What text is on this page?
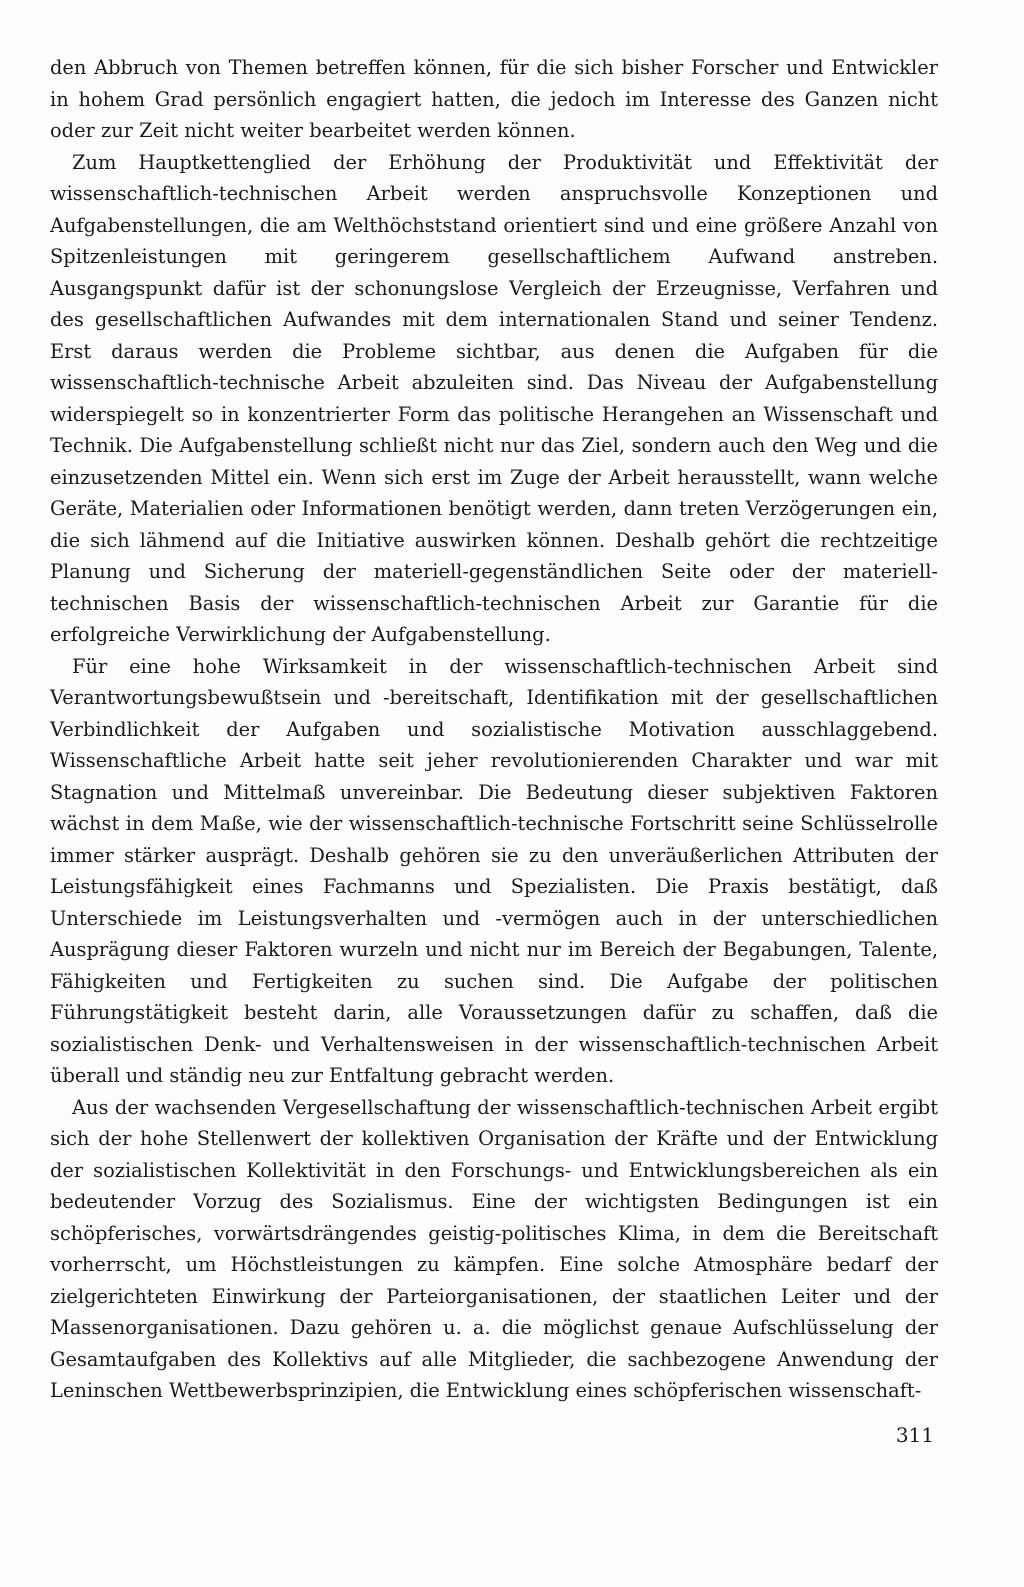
den Abbruch von Themen betreffen können, für die sich bisher Forscher und Entwickler in hohem Grad persönlich engagiert hatten, die jedoch im Interesse des Ganzen nicht oder zur Zeit nicht weiter bearbeitet werden können.

Zum Hauptkettenglied der Erhöhung der Produktivität und Effektivität der wissenschaftlich-technischen Arbeit werden anspruchsvolle Konzeptionen und Aufgabenstellungen, die am Welthöchststand orientiert sind und eine größere Anzahl von Spitzenleistungen mit geringerem gesellschaftlichem Aufwand anstreben. Ausgangspunkt dafür ist der schonungslose Vergleich der Erzeugnisse, Verfahren und des gesellschaftlichen Aufwandes mit dem internationalen Stand und seiner Tendenz. Erst daraus werden die Probleme sichtbar, aus denen die Aufgaben für die wissenschaftlich-technische Arbeit abzuleiten sind. Das Niveau der Aufgabenstellung widerspiegelt so in konzentrierter Form das politische Herangehen an Wissenschaft und Technik. Die Aufgabenstellung schließt nicht nur das Ziel, sondern auch den Weg und die einzusetzenden Mittel ein. Wenn sich erst im Zuge der Arbeit herausstellt, wann welche Geräte, Materialien oder Informationen benötigt werden, dann treten Verzögerungen ein, die sich lähmend auf die Initiative auswirken können. Deshalb gehört die rechtzeitige Planung und Sicherung der materiell-gegenständlichen Seite oder der materiell-technischen Basis der wissenschaftlich-technischen Arbeit zur Garantie für die erfolgreiche Verwirklichung der Aufgabenstellung.

Für eine hohe Wirksamkeit in der wissenschaftlich-technischen Arbeit sind Verantwortungsbewußtsein und -bereitschaft, Identifikation mit der gesellschaftlichen Verbindlichkeit der Aufgaben und sozialistische Motivation ausschlaggebend. Wissenschaftliche Arbeit hatte seit jeher revolutionierenden Charakter und war mit Stagnation und Mittelmaß unvereinbar. Die Bedeutung dieser subjektiven Faktoren wächst in dem Maße, wie der wissenschaftlich-technische Fortschritt seine Schlüsselrolle immer stärker ausprägt. Deshalb gehören sie zu den unveräußerlichen Attributen der Leistungsfähigkeit eines Fachmanns und Spezialisten. Die Praxis bestätigt, daß Unterschiede im Leistungsverhalten und -vermögen auch in der unterschiedlichen Ausprägung dieser Faktoren wurzeln und nicht nur im Bereich der Begabungen, Talente, Fähigkeiten und Fertigkeiten zu suchen sind. Die Aufgabe der politischen Führungstätigkeit besteht darin, alle Voraussetzungen dafür zu schaffen, daß die sozialistischen Denk- und Verhaltensweisen in der wissenschaftlich-technischen Arbeit überall und ständig neu zur Entfaltung gebracht werden.

Aus der wachsenden Vergesellschaftung der wissenschaftlich-technischen Arbeit ergibt sich der hohe Stellenwert der kollektiven Organisation der Kräfte und der Entwicklung der sozialistischen Kollektivität in den Forschungs- und Entwicklungsbereichen als ein bedeutender Vorzug des Sozialismus. Eine der wichtigsten Bedingungen ist ein schöpferisches, vorwärtsdrängendes geistig-politisches Klima, in dem die Bereitschaft vorherrscht, um Höchstleistungen zu kämpfen. Eine solche Atmosphäre bedarf der zielgerichteten Einwirkung der Parteiorganisationen, der staatlichen Leiter und der Massenorganisationen. Dazu gehören u. a. die möglichst genaue Aufschlüsselung der Gesamtaufgaben des Kollektivs auf alle Mitglieder, die sachbezogene Anwendung der Leninschen Wettbewerbsprinzipien, die Entwicklung eines schöpferischen wissenschaft-

311
